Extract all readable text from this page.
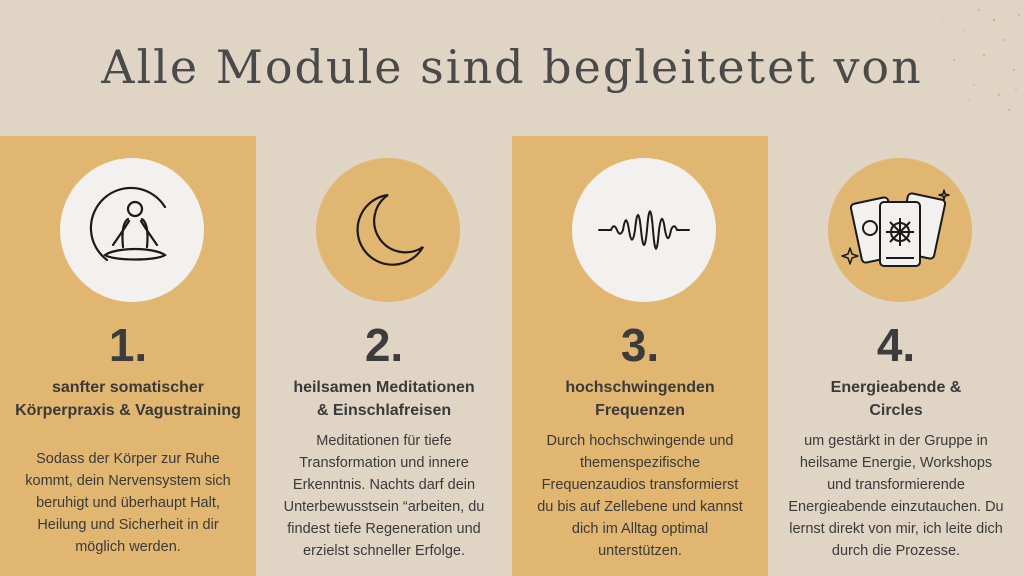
Alle Module sind begleitetet von
1.
sanfter somatischer
Körperpraxis & Vagustraining
Sodass der Körper zur Ruhe
kommt, dein Nervensystem sich
beruhigt und überhaupt Halt,
Heilung und Sicherheit in dir
möglich werden.
2.
heilsamen Meditationen
& Einschlafreisen
Meditationen für tiefe
Transformation und innere
Erkenntnis. Nachts darf dein
Unterbewusstsein “arbeiten, du
findest tiefe Regeneration und
erzielst schneller Erfolge.
3.
hochschwingenden
Frequenzen
Durch hochschwingende und
themenspezifische
Frequenzaudios transformierst
du bis auf Zellebene und kannst
dich im Alltag optimal
unterstützen.
4.
Energieabende &
Circles
um gestärkt in der Gruppe in
heilsame Energie, Workshops
und transformierende
Energieabende einzutauchen. Du
lernst direkt von mir, ich leite dich
durch die Prozesse.
